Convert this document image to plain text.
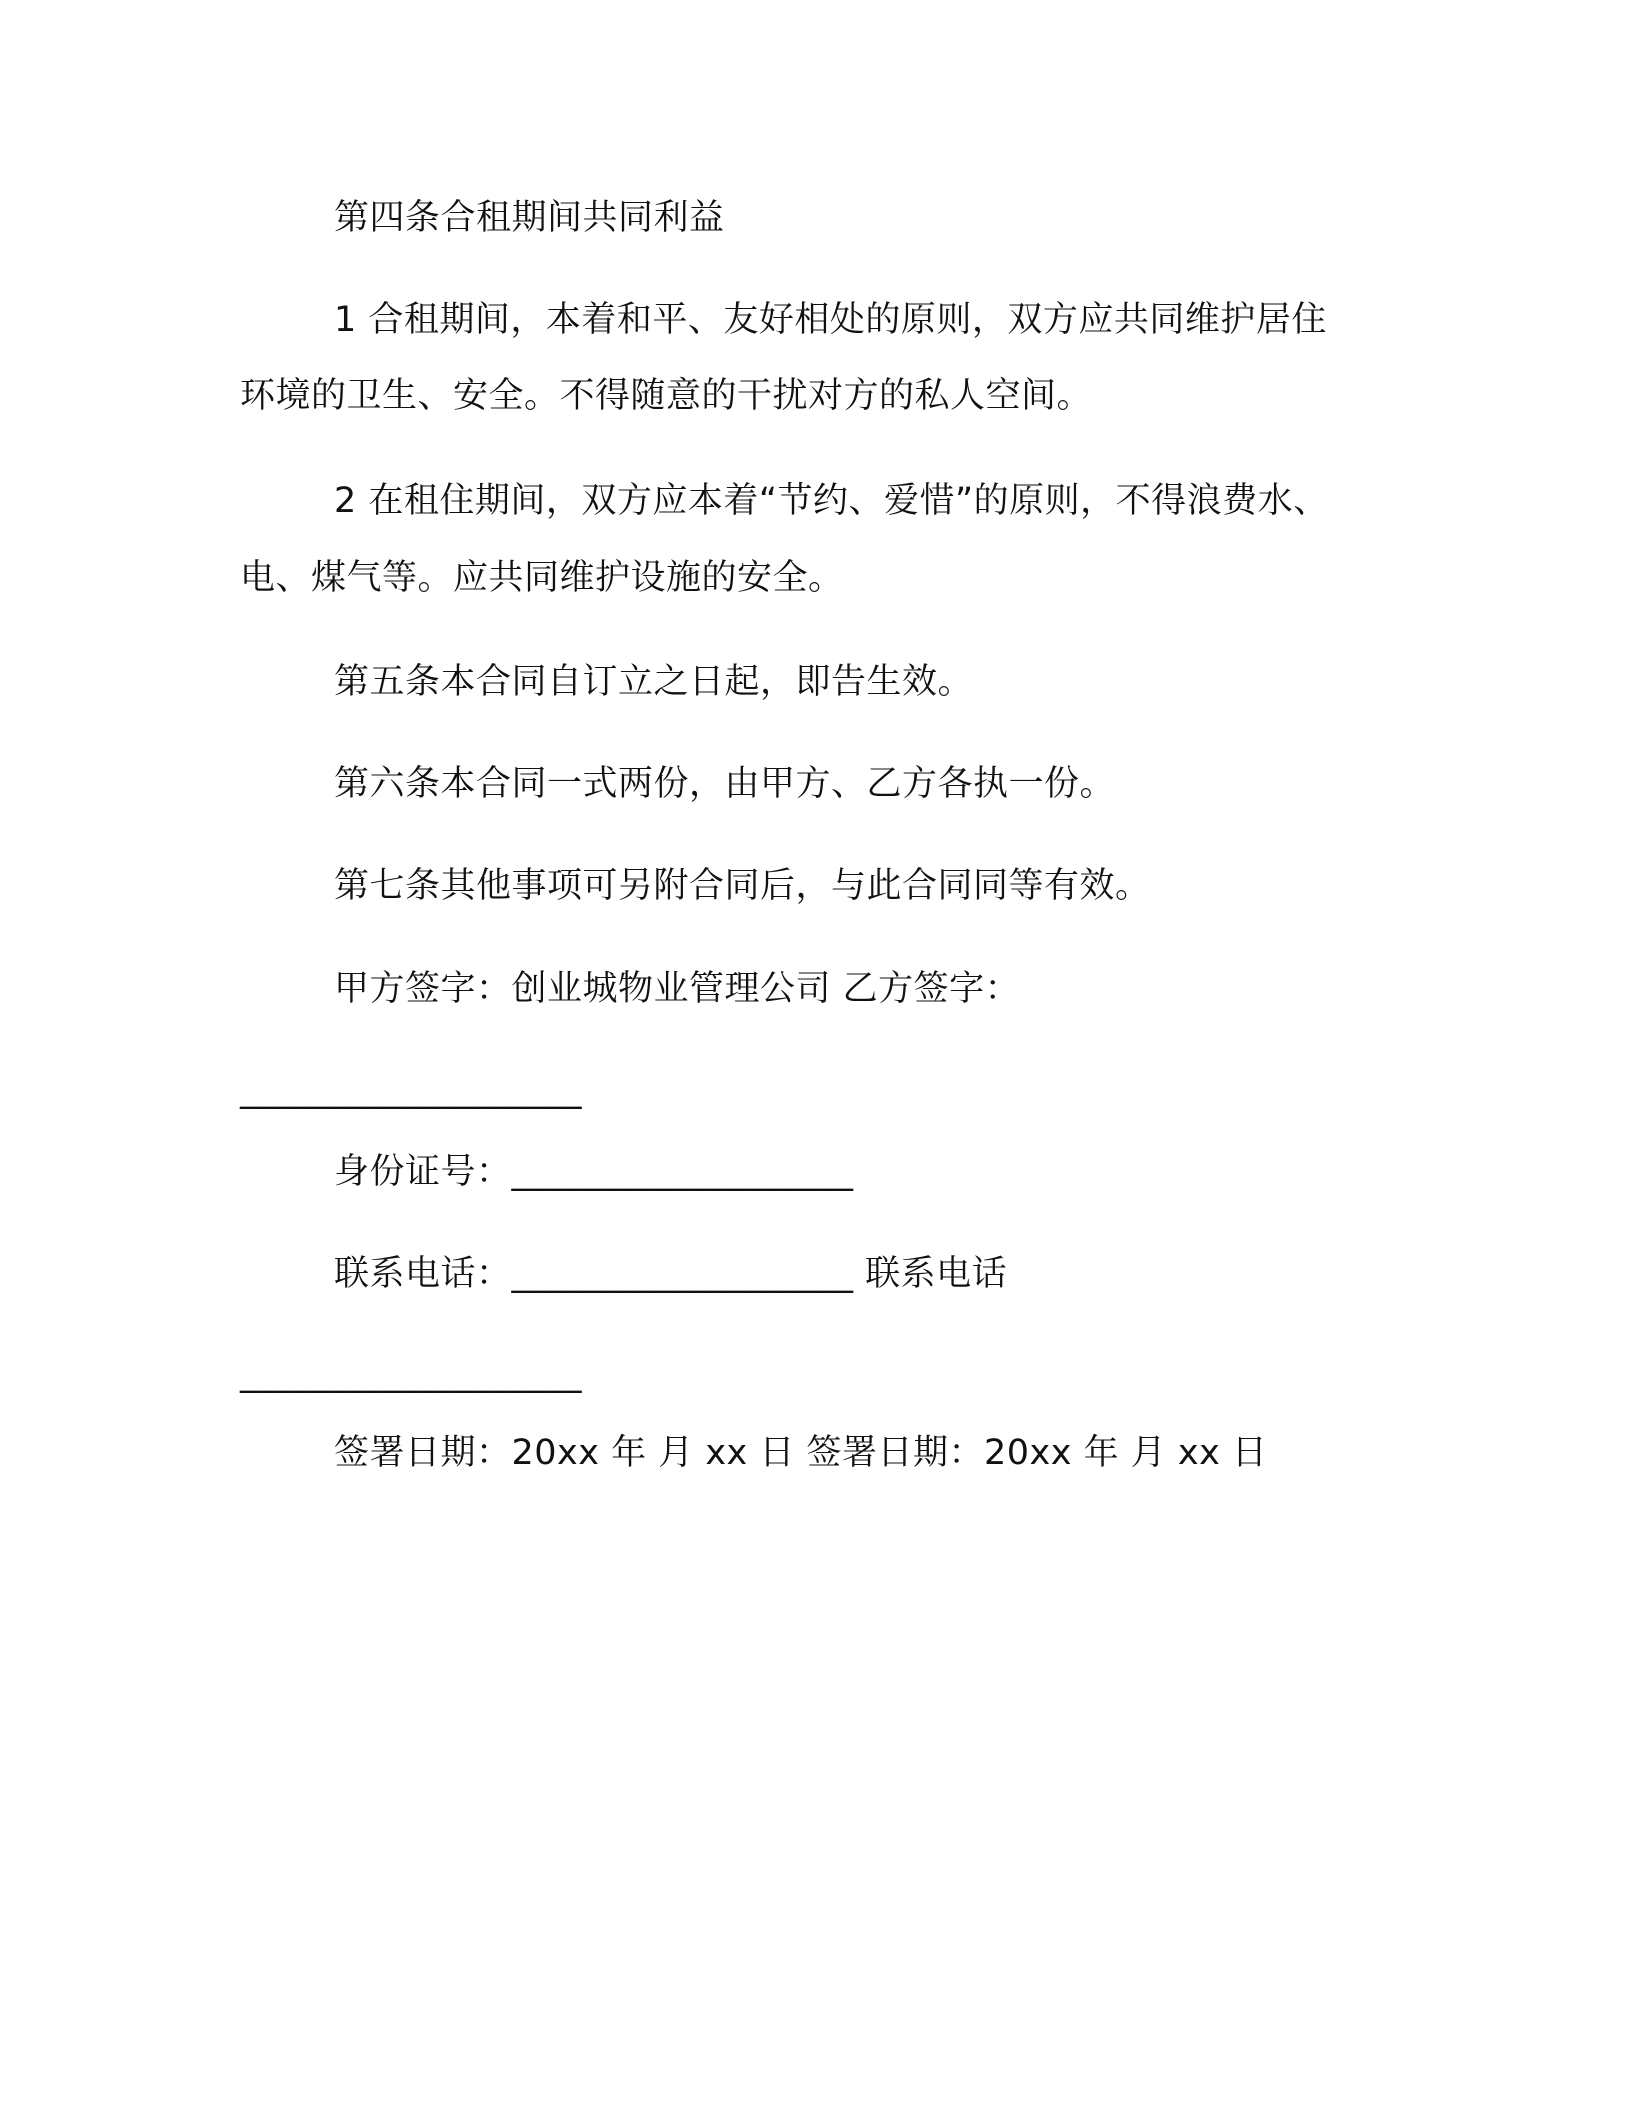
第四条合租期间共同利益
1 合租期间，本着和平、友好相处的原则，双方应共同维护居住
环境的卫生、安全。不得随意的干扰对方的私人空间。
2 在租住期间，双方应本着“节约、爱惜”的原则，不得浪费水、
电、煤气等。应共同维护设施的安全。
第五条本合同自订立之日起，即告生效。
第六条本合同一式两份，由甲方、乙方各执一份。
第七条其他事项可另附合同后，与此合同同等有效。
甲方签字：创业城物业管理公司 乙方签字：
___________________
身份证号：___________________
联系电话：___________________ 联系电话
___________________
签署日期：20xx 年 月 xx 日 签署日期：20xx 年 月 xx 日
